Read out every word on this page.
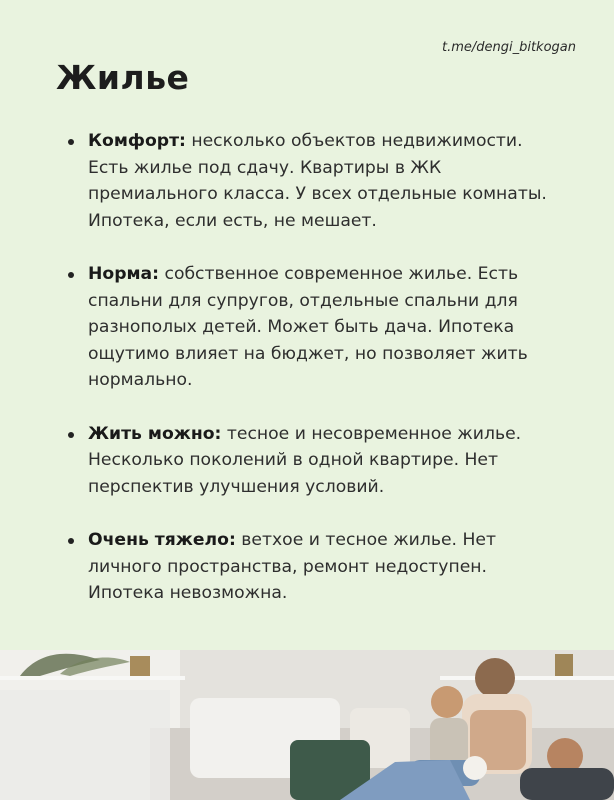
t.me/dengi_bitkogan
Жилье
Комфорт: несколько объектов недвижимости. Есть жилье под сдачу. Квартиры в ЖК премиального класса. У всех отдельные комнаты. Ипотека, если есть, не мешает.
Норма: собственное современное жилье. Есть спальни для супругов, отдельные спальни для разнополых детей. Может быть дача. Ипотека ощутимо влияет на бюджет, но позволяет жить нормально.
Жить можно: тесное и несовременное жилье. Несколько поколений в одной квартире. Нет перспектив улучшения условий.
Очень тяжело: ветхое и тесное жилье. Нет личного пространства, ремонт недоступен. Ипотека невозможна.
